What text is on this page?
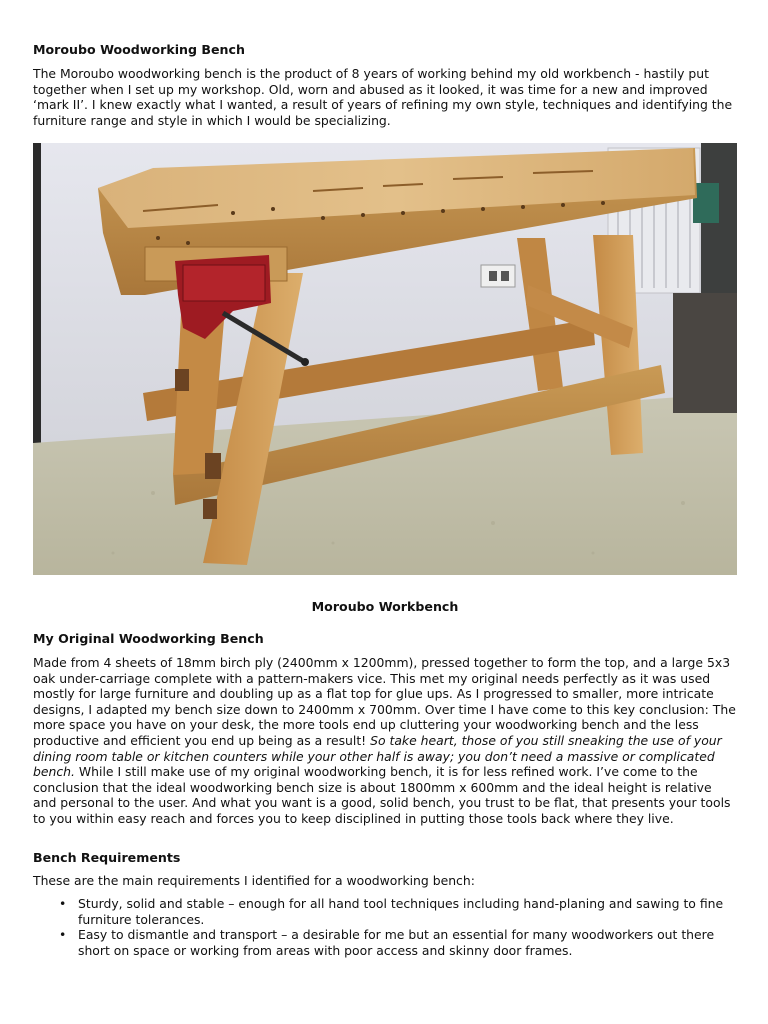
Moroubo Woodworking Bench

The Moroubo woodworking bench is the product of 8 years of working behind my old workbench - hastily put together when I set up my workshop. Old, worn and abused as it looked, it was time for a new and improved ‘mark II’. I knew exactly what I wanted, a result of years of refining my own style, techniques and identifying the furniture range and style in which I would be specializing.

Moroubo Workbench

My Original Woodworking Bench

Made from 4 sheets of 18mm birch ply (2400mm x 1200mm), pressed together to form the top, and a large 5x3 oak under-carriage complete with a pattern-makers vice. This met my original needs perfectly as it was used mostly for large furniture and doubling up as a flat top for glue ups. As I progressed to smaller, more intricate designs, I adapted my bench size down to 2400mm x 700mm. Over time I have come to this key conclusion: The more space you have on your desk, the more tools end up cluttering your woodworking bench and the less productive and efficient you end up being as a result! So take heart, those of you still sneaking the use of your dining room table or kitchen counters while your other half is away; you don’t need a massive or complicated bench. While I still make use of my original woodworking bench, it is for less refined work. I’ve come to the conclusion that the ideal woodworking bench size is about 1800mm x 600mm and the ideal height is relative and personal to the user. And what you want is a good, solid bench, you trust to be flat, that presents your tools to you within easy reach and forces you to keep disciplined in putting those tools back where they live.

Bench Requirements

These are the main requirements I identified for a woodworking bench:

• Sturdy, solid and stable – enough for all hand tool techniques including hand-planing and sawing to fine furniture tolerances.
• Easy to dismantle and transport – a desirable for me but an essential for many woodworkers out there short on space or working from areas with poor access and skinny door frames.
